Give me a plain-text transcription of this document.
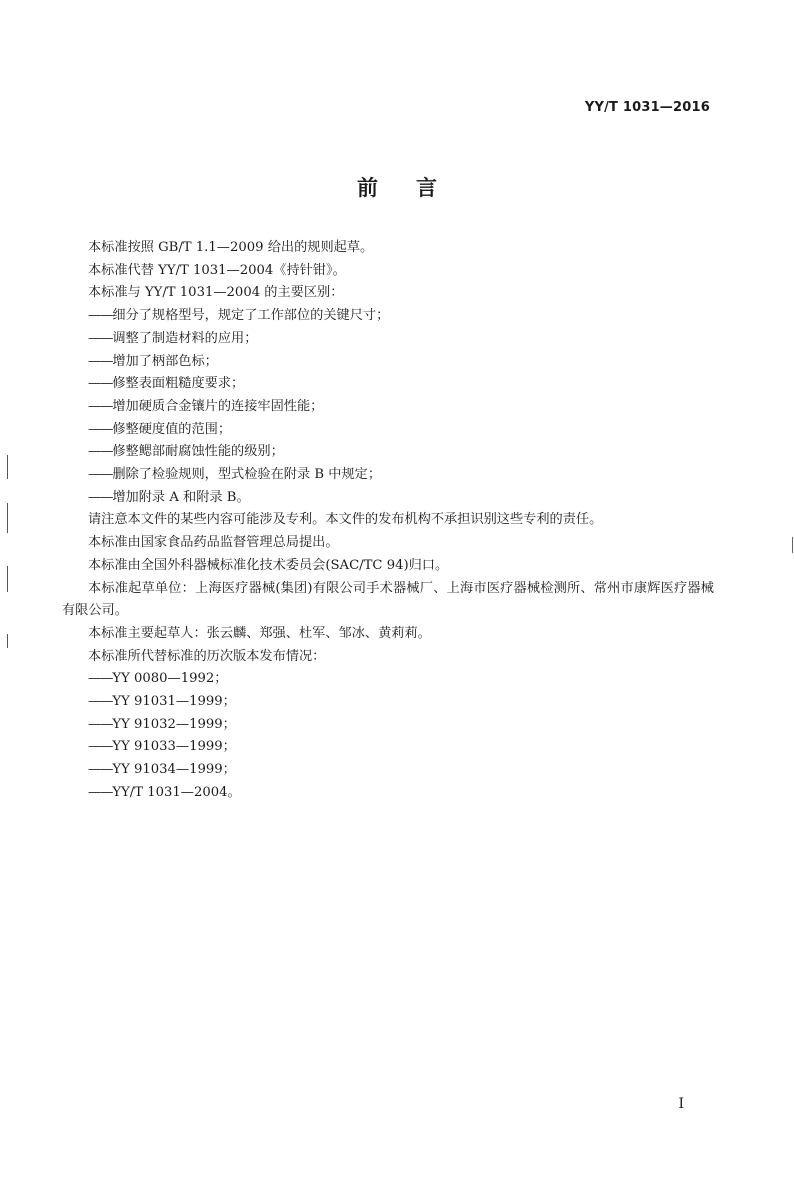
YY/T 1031—2016
前言

本标准按照 GB/T 1.1—2009 给出的规则起草。

本标准代替 YY/T 1031—2004《持针钳》。

本标准与 YY/T 1031—2004 的主要区别：

——细分了规格型号，规定了工作部位的关键尺寸；

——调整了制造材料的应用；

——增加了柄部色标；

——修整表面粗糙度要求；

——增加硬质合金镶片的连接牢固性能；

——修整硬度值的范围；

——修整鳃部耐腐蚀性能的级别；

——删除了检验规则，型式检验在附录 B 中规定；

——增加附录 A 和附录 B。

请注意本文件的某些内容可能涉及专利。本文件的发布机构不承担识别这些专利的责任。

本标准由国家食品药品监督管理总局提出。

本标准由全国外科器械标准化技术委员会(SAC/TC 94)归口。

本标准起草单位：上海医疗器械(集团)有限公司手术器械厂、上海市医疗器械检测所、常州市康辉医疗器械有限公司。

本标准主要起草人：张云麟、郑强、杜军、邹冰、黄莉莉。

本标准所代替标准的历次版本发布情况：

——YY 0080—1992；

——YY 91031—1999；

——YY 91032—1999；

——YY 91033—1999；

——YY 91034—1999；

——YY/T 1031—2004。

I
